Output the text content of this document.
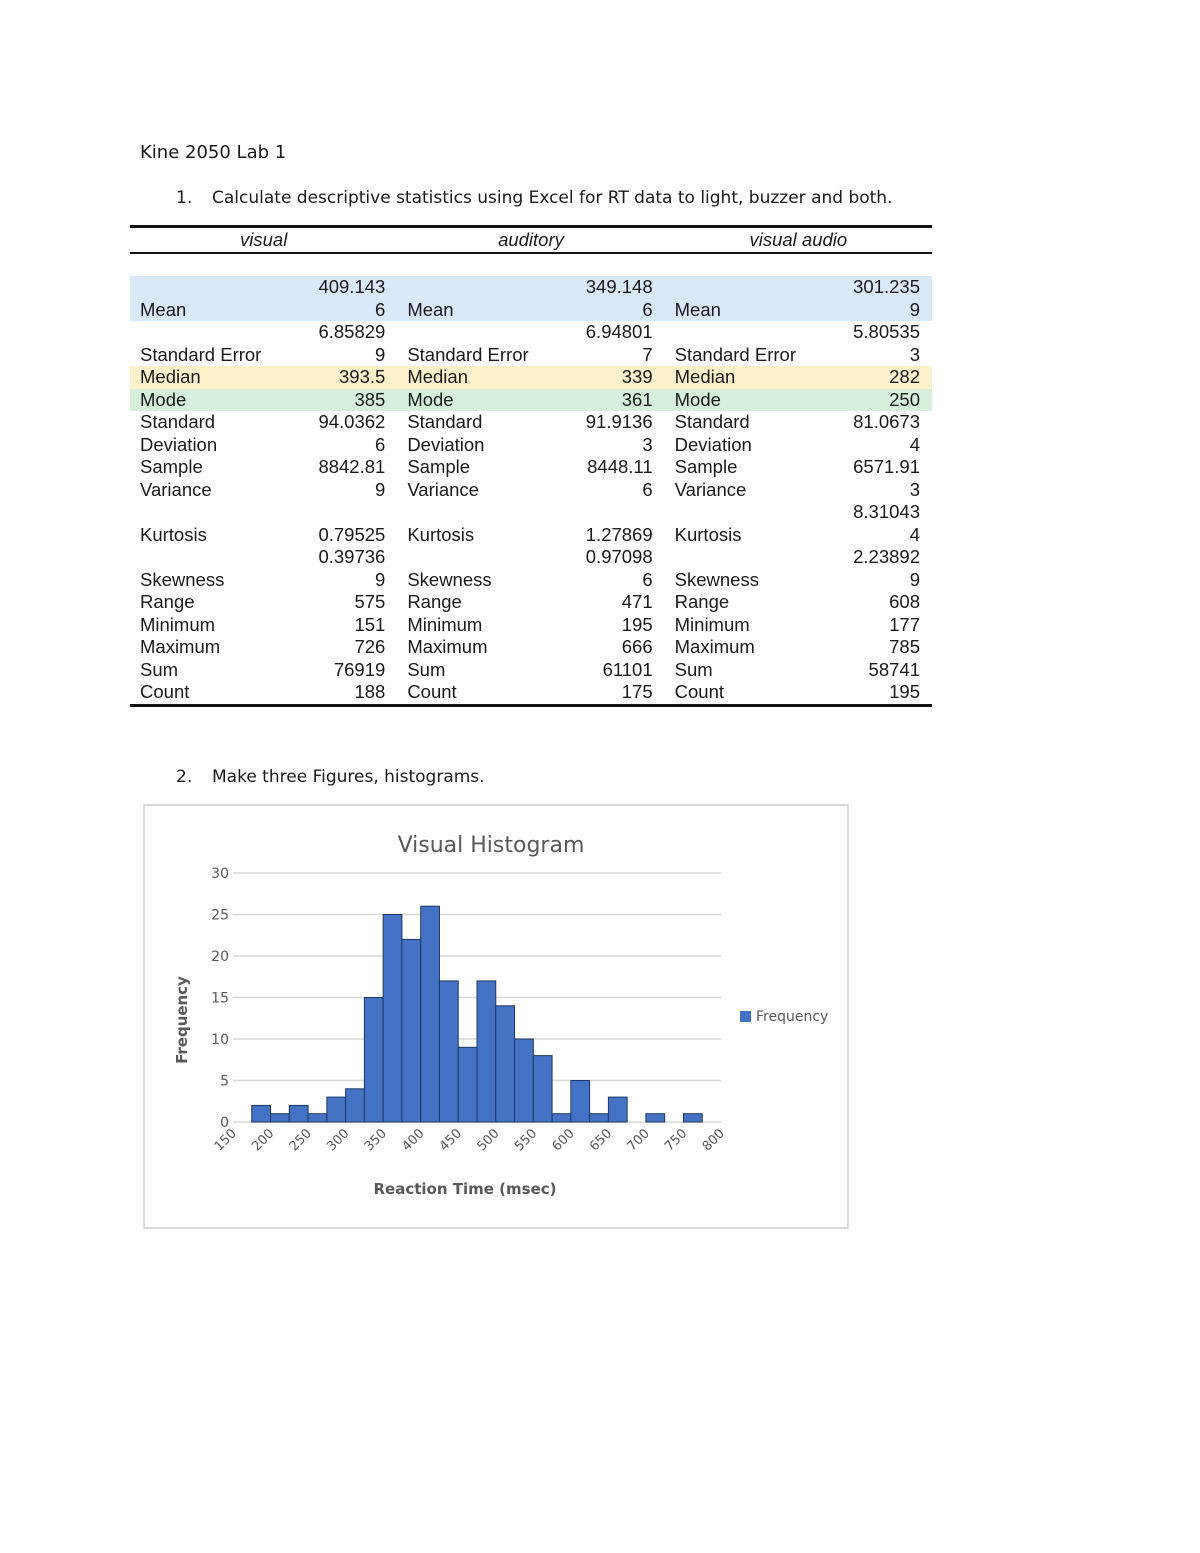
Kine 2050 Lab 1
1. Calculate descriptive statistics using Excel for RT data to light, buzzer and both.
visual		auditory		visual audio	

	409.143		349.148		301.235
Mean	6	Mean	6	Mean	9
	6.85829		6.94801		5.80535
Standard Error	9	Standard Error	7	Standard Error	3
Median	393.5	Median	339	Median	282
Mode	385	Mode	361	Mode	250
Standard	94.0362	Standard	91.9136	Standard	81.0673
Deviation	6	Deviation	3	Deviation	4
Sample	8842.81	Sample	8448.11	Sample	6571.91
Variance	9	Variance	6	Variance	3
					8.31043
Kurtosis	0.79525	Kurtosis	1.27869	Kurtosis	4
	0.39736		0.97098		2.23892
Skewness	9	Skewness	6	Skewness	9
Range	575	Range	471	Range	608
Minimum	151	Minimum	195	Minimum	177
Maximum	726	Maximum	666	Maximum	785
Sum	76919	Sum	61101	Sum	58741
Count	188	Count	175	Count	195
2. Make three Figures, histograms.
Visual Histogram
0
5
10
15
20
25
30
150 200 250 300 350 400 450 500 550 600 650 700 750 800
Frequency
Reaction Time (msec)
Frequency
